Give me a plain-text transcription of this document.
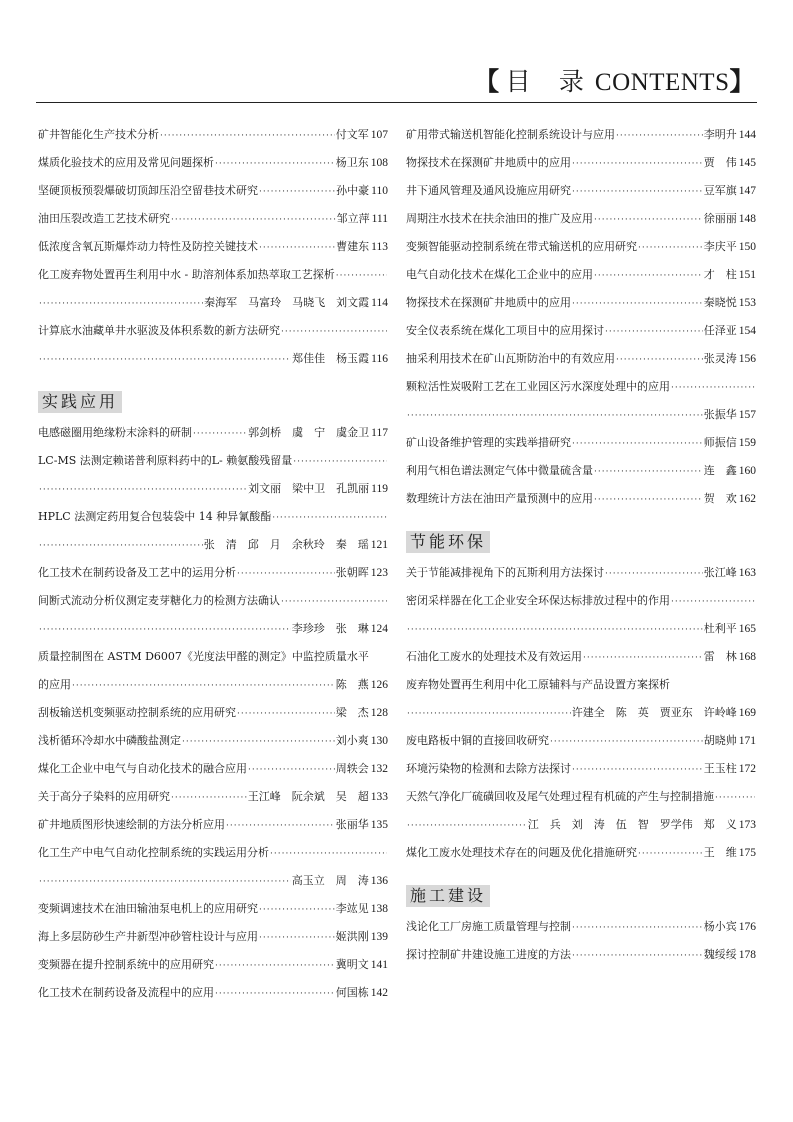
【 目 录CONTENTS】
矿井智能化生产技术分析 ·····	付文军 107
煤质化验技术的应用及常见问题探析 ·····	杨卫东 108
坚硬顶板预裂爆破切顶卸压沿空留巷技术研究 ·····	孙中豪 110
油田压裂改造工艺技术研究 ·····	邹立萍 111
低浓度含氧瓦斯爆炸动力特性及防控关键技术 ·····	曹建东 113
化工废弃物处置再生利用中水 - 助溶剂体系加热萃取工艺探析
·····
·····
秦海军　马富玲　马晓飞　刘文霞 114
计算底水油藏单井水驱波及体积系数的新方法研究
·····
·····
郑佳佳　杨玉霞 116
实践应用
电感磁圈用绝缘粉末涂料的研制 ·····	郭剑桥　虞　宁　虞金卫 117
LC-MS 法测定赖诺普利原料药中的L- 赖氨酸残留量
·····
·····
刘文丽　梁中卫　孔凯丽 119
HPLC 法测定药用复合包装袋中 14 种异氰酸酯
·····
·····
张　清　邱　月　余秋玲　秦　瑶 121
化工技术在制药设备及工艺中的运用分析 ·····	张朝晖 123
间断式流动分析仪测定麦芽糖化力的检测方法确认
·····
·····
李珍珍　张　琳 124
质量控制图在 ASTM D6007《光度法甲醛的测定》中监控质量水平
的应用 ·····	陈　燕 126
刮板输送机变频驱动控制系统的应用研究 ·····	梁　杰 128
浅析循环冷却水中磷酸盐测定 ·····	刘小爽 130
煤化工企业中电气与自动化技术的融合应用 ·····	周轶会 132
关于高分子染料的应用研究 ·····	王江峰　阮余斌　吴　超 133
矿井地质图形快速绘制的方法分析应用 ·····	张丽华 135
化工生产中电气自动化控制系统的实践运用分析
·····
·····
高玉立　周　涛 136
变频调速技术在油田输油泵电机上的应用研究 ·····	李竑见 138
海上多层防砂生产井新型冲砂管柱设计与应用 ·····	姬洪刚 139
变频器在提升控制系统中的应用研究 ·····	冀明文 141
化工技术在制药设备及流程中的应用 ·····	何国栋 142
矿用带式输送机智能化控制系统设计与应用 ·····	李明升 144
物探技术在探测矿井地质中的应用 ·····	贾　伟 145
井下通风管理及通风设施应用研究 ·····	豆军旗 147
周期注水技术在扶余油田的推广及应用 ·····	徐丽丽 148
变频智能驱动控制系统在带式输送机的应用研究 ·····	李庆平 150
电气自动化技术在煤化工企业中的应用 ·····	才　柱 151
物探技术在探测矿井地质中的应用 ·····	秦晓悦 153
安全仪表系统在煤化工项目中的应用探讨 ·····	任泽亚 154
抽采利用技术在矿山瓦斯防治中的有效应用 ·····	张灵涛 156
颗粒活性炭吸附工艺在工业园区污水深度处理中的应用
·····
·····
张振华 157
矿山设备维护管理的实践举措研究 ·····	师振信 159
利用气相色谱法测定气体中微量硫含量 ·····	连　鑫 160
数理统计方法在油田产量预测中的应用 ·····	贺　欢 162
节能环保
关于节能减排视角下的瓦斯利用方法探讨 ·····	张江峰 163
密闭采样器在化工企业安全环保达标排放过程中的作用
·····
·····
杜利平 165
石油化工废水的处理技术及有效运用 ·····	雷　林 168
废弃物处置再生利用中化工原辅料与产品设置方案探析
·····
许建全　陈　英　贾亚东　许岭峰 169
废电路板中铜的直接回收研究 ·····	胡晓帅 171
环境污染物的检测和去除方法探讨 ·····	王玉柱 172
天然气净化厂硫磺回收及尾气处理过程有机硫的产生与控制措施
·····
·····
江　兵　刘　涛　伍　智　罗学伟　郑　义 173
煤化工废水处理技术存在的问题及优化措施研究 ·····	王　维 175
施工建设
浅论化工厂房施工质量管理与控制 ·····	杨小宾 176
探讨控制矿井建设施工进度的方法 ·····	魏绥绥 178
